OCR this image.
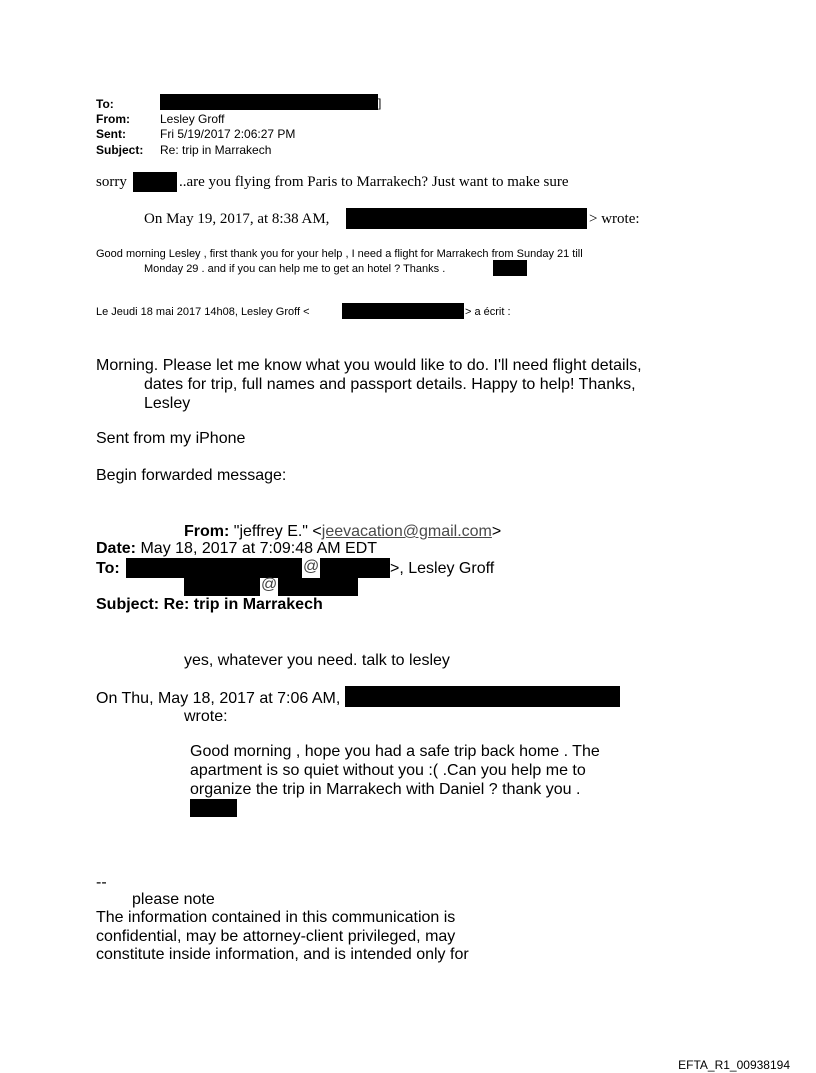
To:	]
From:	Lesley Groff
Sent:	Fri 5/19/2017 2:06:27 PM
Subject: Re: trip in Marrakech
sorry	..are you flying from Paris to Marrakech? Just want to make sure
On May 19, 2017, at 8:38 AM,	> wrote:
Good morning Lesley , first thank you for your help , I need a flight for Marrakech from Sunday 21 till
Monday 29 . and if you can help me to get an hotel ? Thanks .
Le Jeudi 18 mai 2017 14h08, Lesley Groff <	> a écrit :
Morning. Please let me know what you would like to do. I'll need flight details,
dates for trip, full names and passport details. Happy to help! Thanks,
Lesley
Sent from my iPhone
Begin forwarded message:
From: "jeffrey E." <jeevacation@gmail.com>
Date: May 18, 2017 at 7:09:48 AM EDT
To:	@	>, Lesley Groff
@
Subject: Re: trip in Marrakech
yes, whatever you need. talk to lesley
On Thu, May 18, 2017 at 7:06 AM,
wrote:
Good morning , hope you had a safe trip back home . The
apartment is so quiet without you :( .Can you help me to
organize the trip in Marrakech with Daniel ? thank you .
--
please note
The information contained in this communication is
confidential, may be attorney-client privileged, may
constitute inside information, and is intended only for
EFTA_R1_00938194
